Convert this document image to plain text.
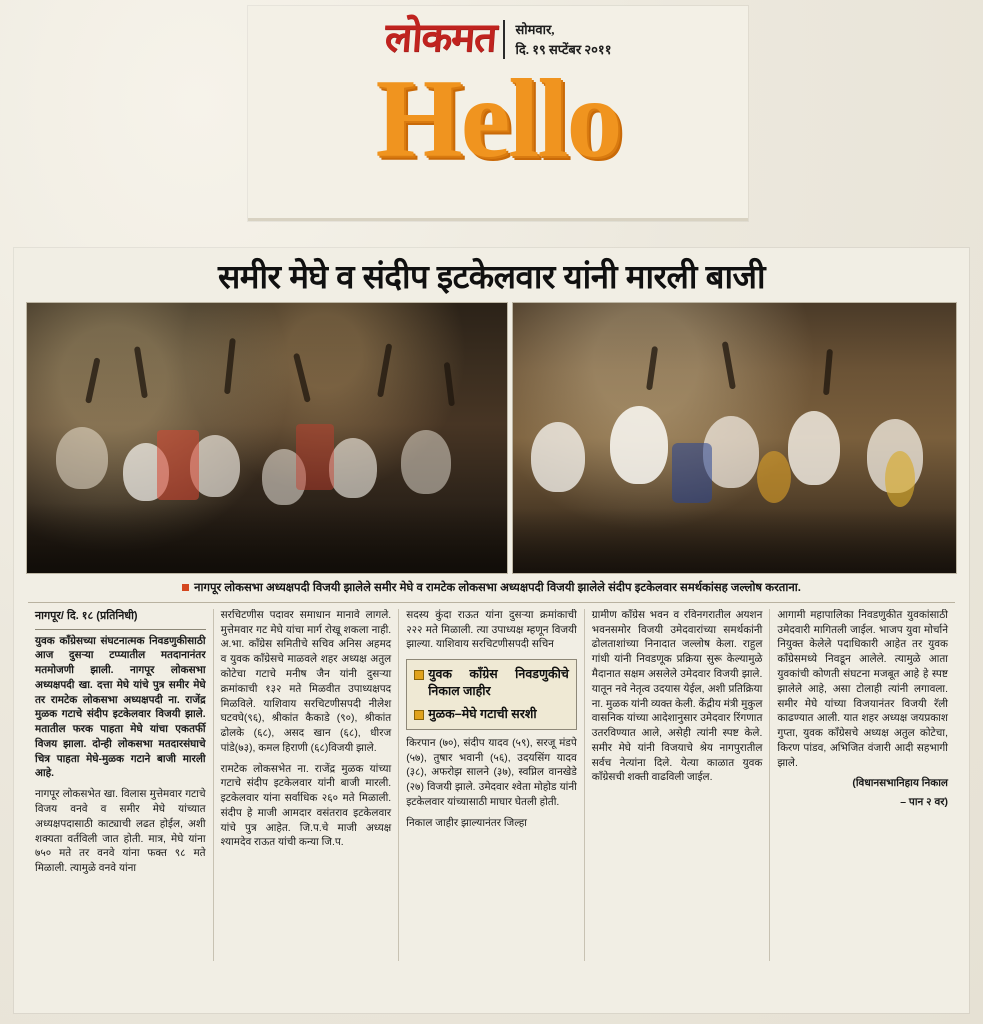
लोकमत सोमवार,
दि. १९ सप्टेंबर २०११
Hello
समीर मेघे व संदीप इटकेलवार यांनी मारली बाजी
नागपूर लोकसभा अध्यक्षपदी विजयी झालेले समीर मेघे व रामटेक लोकसभा अध्यक्षपदी विजयी झालेले संदीप इटकेलवार समर्थकांसह जल्लोष करताना.
नागपूर/ दि. १८ (प्रतिनिधी)

युवक काँग्रेसच्या संघटनात्मक निवडणुकीसाठी आज दुसऱ्या टप्प्यातील मतदानानंतर मतमोजणी झाली. नागपूर लोकसभा अध्यक्षपदी खा. दत्ता मेघे यांचे पुत्र समीर मेघे तर रामटेक लोकसभा अध्यक्षपदी ना. राजेंद्र मुळक गटाचे संदीप इटकेलवार विजयी झाले. मतातील फरक पाहता मेघे यांचा एकतर्फी विजय झाला. दोन्ही लोकसभा मतदारसंघाचे चित्र पाहता मेघे-मुळक गटाने बाजी मारली आहे.

नागपूर लोकसभेत खा. विलास मुत्तेमवार गटाचे विजय वनवे व समीर मेघे यांच्यात अध्यक्षपदासाठी काट्याची लढत होईल, अशी शक्यता वर्तविली जात होती. मात्र, मेघे यांना ७५० मते तर वनवे यांना फक्त ९८ मते मिळाली. त्यामुळे वनवे यांना

सरचिटणीस पदावर समाधान मानावे लागले. मुत्तेमवार गट मेघे यांचा मार्ग रोखू शकला नाही. अ.भा. काँग्रेस समितीचे सचिव अनिस अहमद व युवक काँग्रेसचे माळवले शहर अध्यक्ष अतुल कोटेचा गटाचे मनीष जैन यांनी दुसऱ्या क्रमांकाची १३२ मते मिळवीत उपाध्यक्षपद मिळविले. याशिवाय सरचिटणीसपदी नीलेश घटवघे(९६), श्रीकांत कैकाडे (९०), श्रीकांत ढोलके (६८), असद खान (६८), धीरज पांडे(७३), कमल हिराणी (६८)विजयी झाले.

रामटेक लोकसभेत ना. राजेंद्र मुळक यांच्या गटाचे संदीप इटकेलवार यांनी बाजी मारली. इटकेलवार यांना सर्वाधिक २६० मते मिळाली. संदीप हे माजी आमदार वसंतराव इटकेलवार यांचे पुत्र आहेत. जि.प.चे माजी अध्यक्ष श्यामदेव राऊत यांची कन्या जि.प.

सदस्य कुंदा राऊत यांना दुसऱ्या क्रमांकाची २२२ मते मिळाली. त्या उपाध्यक्ष म्हणून विजयी झाल्या. याशिवाय सरचिटणीसपदी सचिन

युवक काँग्रेस निवडणुकीचे निकाल जाहीर
मुळक–मेघे गटाची सरशी

किरपान (७०), संदीप यादव (५९), सरजू मंडपे (५७), तुषार भवानी (५६), उदयसिंग यादव (३८), अफरोझ सालने (३७), स्वप्निल वानखेडे (२७) विजयी झाले. उमेदवार श्वेता मोहोड यांनी इटकेलवार यांच्यासाठी माघार घेतली होती.

निकाल जाहीर झाल्यानंतर जिल्हा

ग्रामीण काँग्रेस भवन व रविनगरातील अयशन भवनसमोर विजयी उमेदवारांच्या समर्थकांनी ढोलताशांच्या निनादात जल्लोष केला. राहुल गांधी यांनी निवडणूक प्रक्रिया सुरू केल्यामुळे मैदानात सक्षम असलेले उमेदवार विजयी झाले. यातून नवे नेतृत्व उदयास येईल, अशी प्रतिक्रिया ना. मुळक यांनी व्यक्त केली. केंद्रीय मंत्री मुकुल वासनिक यांच्या आदेशानुसार उमेदवार रिंगणात उतरविण्यात आले, असेही त्यांनी स्पष्ट केले. समीर मेघे यांनी विजयाचे श्रेय नागपुरातील सर्वच नेत्यांना दिले. येत्या काळात युवक काँग्रेसची शक्ती वाढविली जाईल.

आगामी महापालिका निवडणुकीत युवकांसाठी उमेदवारी मागितली जाईल. भाजप युवा मोर्चाने नियुक्त केलेले पदाधिकारी आहेत तर युवक काँग्रेसमध्ये निवडून आलेले. त्यामुळे आता युवकांची कोणती संघटना मजबूत आहे हे स्पष्ट झालेले आहे, असा टोलाही त्यांनी लगावला. समीर मेघे यांच्या विजयानंतर विजयी रॅली काढण्यात आली. यात शहर अध्यक्ष जयप्रकाश गुप्ता, युवक काँग्रेसचे अध्यक्ष अतुल कोटेचा, किरण पांडव, अभिजित वंजारी आदी सहभागी झाले.

(विधानसभानिहाय निकाल
– पान २ वर)
